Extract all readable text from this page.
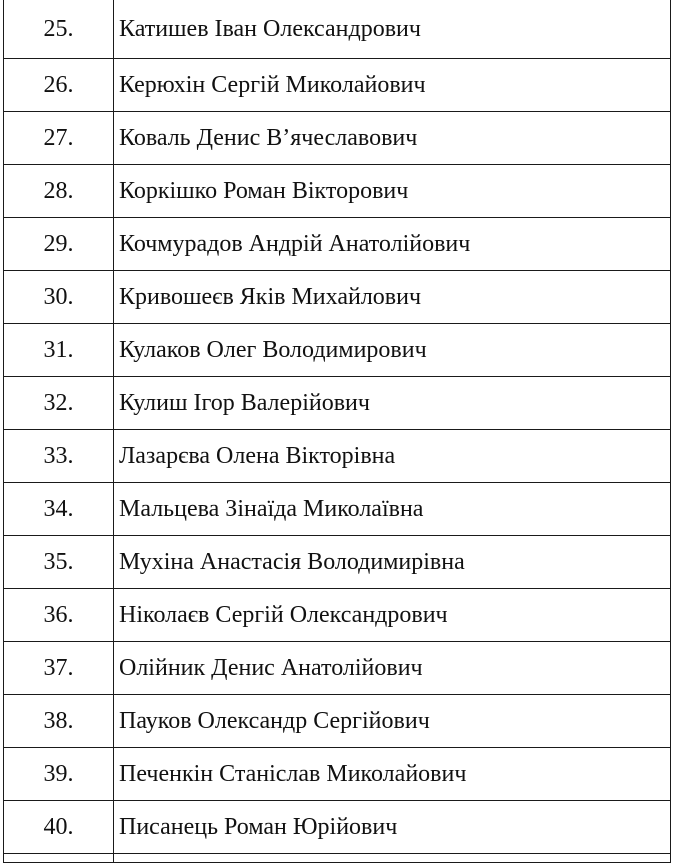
25.	Катишев Іван Олександрович
26.	Керюхін Сергій Миколайович
27.	Коваль Денис В’ячеславович
28.	Коркішко Роман Вікторович
29.	Кочмурадов Андрій Анатолійович
30.	Кривошеєв Яків Михайлович
31.	Кулаков Олег Володимирович
32.	Кулиш Ігор Валерійович
33.	Лазарєва Олена Вікторівна
34.	Мальцева Зінаїда Миколаївна
35.	Мухіна Анастасія Володимирівна
36.	Ніколаєв Сергій Олександрович
37.	Олійник Денис Анатолійович
38.	Пауков Олександр Сергійович
39.	Печенкін Станіслав Миколайович
40.	Писанець Роман Юрійович
